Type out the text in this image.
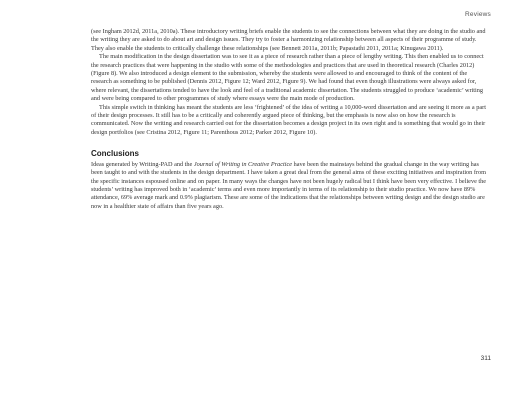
Reviews

(see Ingham 2012d, 2011a, 2010a). These introductory writing briefs enable the students to see the connections between what they are doing in the studio and the writing they are asked to do about art and design issues. They try to foster a harmonizing relationship between all aspects of their programme of study. They also enable the students to critically challenge these relationships (see Bennett 2011a, 2011b; Papastathi 2011, 2011a; Kinugawa 2011).

The main modification in the design dissertation was to see it as a piece of research rather than a piece of lengthy writing. This then enabled us to connect the research practices that were happening in the studio with some of the methodologies and practices that are used in theoretical research (Charles 2012) (Figure 8). We also introduced a design element to the submission, whereby the students were allowed to and encouraged to think of the content of the research as something to be published (Dennis 2012, Figure 12; Ward 2012, Figure 9). We had found that even though illustrations were always asked for, where relevant, the dissertations tended to have the look and feel of a traditional academic dissertation. The students struggled to produce ‘academic’ writing and were being compared to other programmes of study where essays were the main mode of production.

This simple switch in thinking has meant the students are less ‘frightened’ of the idea of writing a 10,000-word dissertation and are seeing it more as a part of their design processes. It still has to be a critically and coherently argued piece of thinking, but the emphasis is now also on how the research is communicated. Now the writing and research carried out for the dissertation becomes a design project in its own right and is something that would go in their design portfolios (see Cristina 2012, Figure 11; Parenthous 2012; Parker 2012, Figure 10).

Conclusions

Ideas generated by Writing-PAD and the Journal of Writing in Creative Practice have been the mainstays behind the gradual change in the way writing has been taught to and with the students in the design department. I have taken a great deal from the general aims of these exciting initiatives and inspiration from the specific instances espoused online and on paper. In many ways the changes have not been hugely radical but I think have been very effective. I believe the students’ writing has improved both in ‘academic’ terms and even more importantly in terms of its relationship to their studio practice. We now have 89% attendance, 69% average mark and 0.9% plagiarism. These are some of the indications that the relationships between writing design and the design studio are now in a healthier state of affairs than five years ago.

311
